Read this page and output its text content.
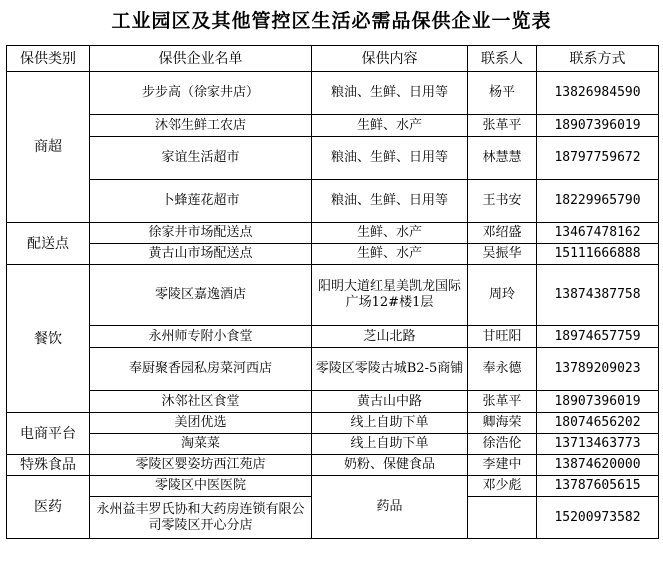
工业园区及其他管控区生活必需品保供企业一览表
保供类别	保供企业名单	保供内容	联系人	联系方式
商超	步步高（徐家井店）	粮油、生鲜、日用等	杨平	13826984590
	沐邻生鲜工农店	生鲜、水产	张革平	18907396019
	家谊生活超市	粮油、生鲜、日用等	林慧慧	18797759672
	卜蜂莲花超市	粮油、生鲜、日用等	王书安	18229965790
配送点	徐家井市场配送点	生鲜、水产	邓绍盛	13467478162
	黄古山市场配送点	生鲜、水产	吴振华	15111666888
餐饮	零陵区嘉逸酒店	阳明大道红星美凯龙国际广场12#楼1层	周玲	13874387758
	永州师专附小食堂	芝山北路	甘旺阳	18974657759
	奉厨聚香园私房菜河西店	零陵区零陵古城B2-5商铺	奉永德	13789209023
	沐邻社区食堂	黄古山中路	张革平	18907396019
电商平台	美团优选	线上自助下单	卿海荣	18074656202
	淘菜菜	线上自助下单	徐浩伦	13713463773
特殊食品	零陵区婴姿坊西江苑店	奶粉、保健食品	李建中	13874620000
医药	零陵区中医医院	药品	邓少彪	13787605615
	永州益丰罗氏协和大药房连锁有限公司零陵区开心分店			15200973582
